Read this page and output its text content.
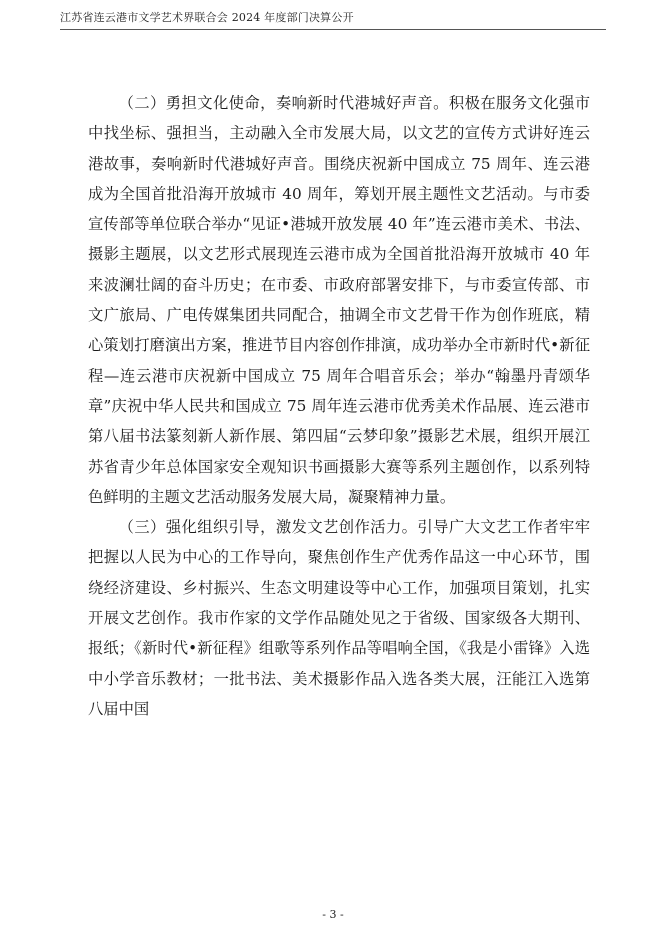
江苏省连云港市文学艺术界联合会 2024 年度部门决算公开

（二）勇担文化使命，奏响新时代港城好声音。积极在服务文化强市中找坐标、强担当，主动融入全市发展大局，以文艺的宣传方式讲好连云港故事，奏响新时代港城好声音。围绕庆祝新中国成立 75 周年、连云港成为全国首批沿海开放城市 40 周年，筹划开展主题性文艺活动。与市委宣传部等单位联合举办“见证•港城开放发展 40 年”连云港市美术、书法、摄影主题展，以文艺形式展现连云港市成为全国首批沿海开放城市 40 年来波澜壮阔的奋斗历史；在市委、市政府部署安排下，与市委宣传部、市文广旅局、广电传媒集团共同配合，抽调全市文艺骨干作为创作班底，精心策划打磨演出方案，推进节目内容创作排演，成功举办全市新时代•新征程—连云港市庆祝新中国成立 75 周年合唱音乐会；举办“翰墨丹青颂华章”庆祝中华人民共和国成立 75 周年连云港市优秀美术作品展、连云港市第八届书法篆刻新人新作展、第四届“云梦印象”摄影艺术展，组织开展江苏省青少年总体国家安全观知识书画摄影大赛等系列主题创作，以系列特色鲜明的主题文艺活动服务发展大局，凝聚精神力量。

（三）强化组织引导，激发文艺创作活力。引导广大文艺工作者牢牢把握以人民为中心的工作导向，聚焦创作生产优秀作品这一中心环节，围绕经济建设、乡村振兴、生态文明建设等中心工作，加强项目策划，扎实开展文艺创作。我市作家的文学作品随处见之于省级、国家级各大期刊、报纸；《新时代•新征程》组歌等系列作品等唱响全国，《我是小雷锋》入选中小学音乐教材；一批书法、美术摄影作品入选各类大展，汪能江入选第八届中国

- 3 -
